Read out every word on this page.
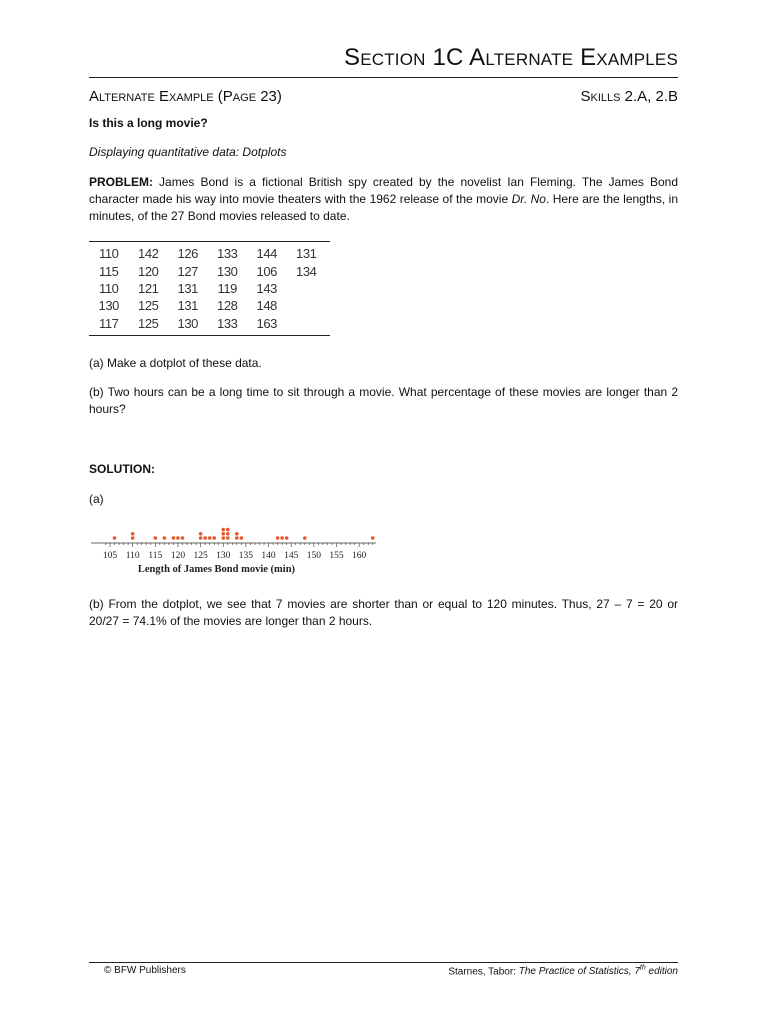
Section 1C Alternate Examples
Alternate Example (Page 23)	Skills 2.A, 2.B
Is this a long movie?
Displaying quantitative data: Dotplots

PROBLEM: James Bond is a fictional British spy created by the novelist Ian Fleming. The James Bond character made his way into movie theaters with the 1962 release of the movie Dr. No. Here are the lengths, in minutes, of the 27 Bond movies released to date.

110	142	126	133	144	131
115	120	127	130	106	134
110	121	131	119	143	
130	125	131	128	148	
117	125	130	133	163	

(a) Make a dotplot of these data.

(b) Two hours can be a long time to sit through a movie. What percentage of these movies are longer than 2 hours?

SOLUTION:
(a)
105 110 115 120 125 130 135 140 145 150 155 160
Length of James Bond movie (min)

(b) From the dotplot, we see that 7 movies are shorter than or equal to 120 minutes. Thus, 27 – 7 = 20 or 20/27 = 74.1% of the movies are longer than 2 hours.

© BFW Publishers	Starnes, Tabor: The Practice of Statistics, 7th edition
